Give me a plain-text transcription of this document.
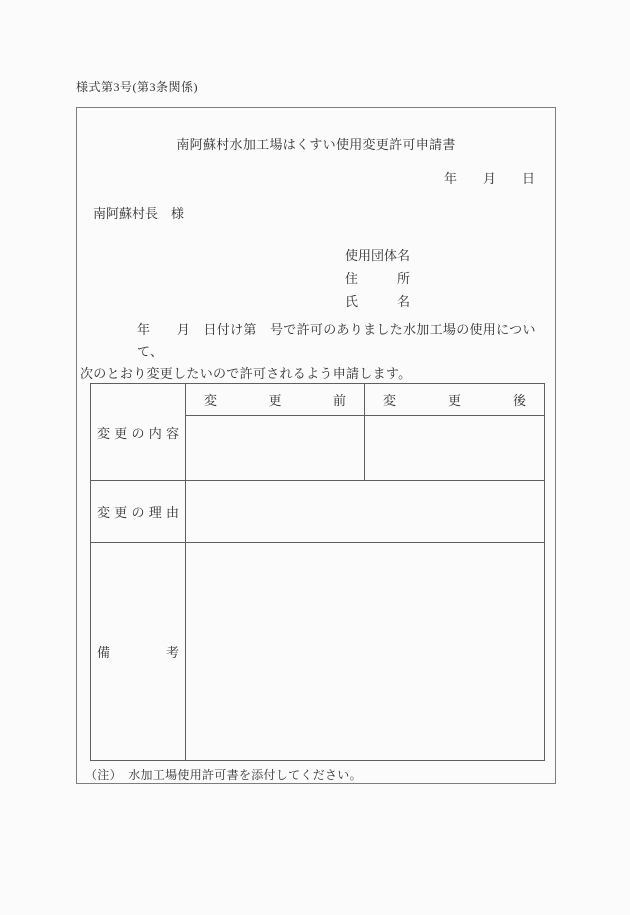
様式第3号(第3条関係)
南阿蘇村水加工場はくすい使用変更許可申請書
年　　月　　日
南阿蘇村長　様
使用団体名
住	所
氏	名
年　　月　日付け第　号で許可のありました水加工場の使用について、
次のとおり変更したいので許可されるよう申請します。
変 更 の 内 容	変 更 前	変 更 後

変 更 の 理 由		

備 考		

（注）　水加工場使用許可書を添付してください。
